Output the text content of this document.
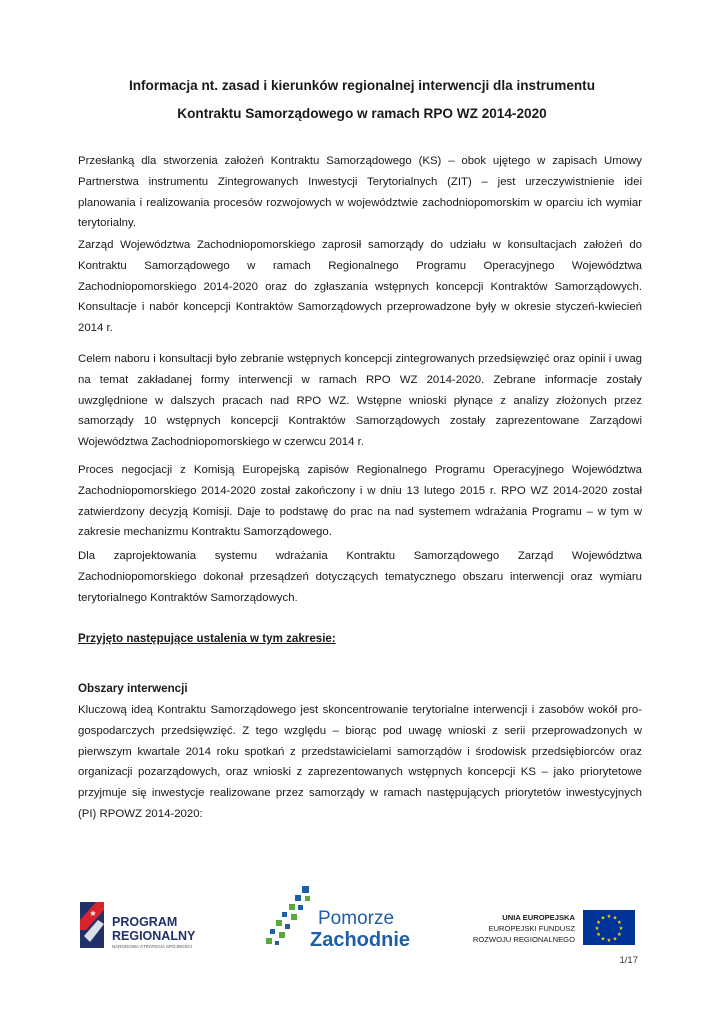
Informacja nt. zasad i kierunków regionalnej interwencji dla instrumentu
Kontraktu Samorządowego w ramach RPO WZ 2014-2020

Przesłanką dla stworzenia założeń Kontraktu Samorządowego (KS) – obok ujętego w zapisach Umowy Partnerstwa instrumentu Zintegrowanych Inwestycji Terytorialnych (ZIT) – jest urzeczywistnienie idei planowania i realizowania procesów rozwojowych w województwie zachodniopomorskim w oparciu ich wymiar terytorialny.

Zarząd Województwa Zachodniopomorskiego zaprosił samorządy do udziału w konsultacjach założeń do Kontraktu Samorządowego w ramach Regionalnego Programu Operacyjnego Województwa Zachodniopomorskiego 2014-2020 oraz do zgłaszania wstępnych koncepcji Kontraktów Samorządowych. Konsultacje i nabór koncepcji Kontraktów Samorządowych przeprowadzone były w okresie styczeń-kwiecień 2014 r.

Celem naboru i konsultacji było zebranie wstępnych koncepcji zintegrowanych przedsięwzięć oraz opinii i uwag na temat zakładanej formy interwencji w ramach RPO WZ 2014-2020. Zebrane informacje zostały uwzględnione w dalszych pracach nad RPO WZ. Wstępne wnioski płynące z analizy złożonych przez samorządy 10 wstępnych koncepcji Kontraktów Samorządowych zostały zaprezentowane Zarządowi Województwa Zachodniopomorskiego w czerwcu 2014 r.

Proces negocjacji z Komisją Europejską zapisów Regionalnego Programu Operacyjnego Województwa Zachodniopomorskiego 2014-2020 został zakończony i w dniu 13 lutego 2015 r. RPO WZ 2014-2020 został zatwierdzony decyzją Komisji. Daje to podstawę do prac na nad systemem wdrażania Programu – w tym w zakresie mechanizmu Kontraktu Samorządowego.

Dla zaprojektowania systemu wdrażania Kontraktu Samorządowego Zarząd Województwa Zachodniopomorskiego dokonał przesądzeń dotyczących tematycznego obszaru interwencji oraz wymiaru terytorialnego Kontraktów Samorządowych.

Przyjęto następujące ustalenia w tym zakresie:
Obszary interwencji

Kluczową ideą Kontraktu Samorządowego jest skoncentrowanie terytorialne interwencji i zasobów wokół pro-gospodarczych przedsięwzięć. Z tego względu – biorąc pod uwagę wnioski z serii przeprowadzonych w pierwszym kwartale 2014 roku spotkań z przedstawicielami samorządów i środowisk przedsiębiorców oraz organizacji pozarządowych, oraz wnioski z zaprezentowanych wstępnych koncepcji KS – jako priorytetowe przyjmuje się inwestycje realizowane przez samorządy w ramach następujących priorytetów inwestycyjnych (PI) RPOWZ 2014-2020:

★
PROGRAM
REGIONALNY
NARODOWA STRATEGIA SPÓJNOŚCI
Pomorze
Zachodnie
UNIA EUROPEJSKA
EUROPEJSKI FUNDUSZ
ROZWOJU REGIONALNEGO
★ ★
★
★
★
★
★
★
★
★
★
★
1/17
